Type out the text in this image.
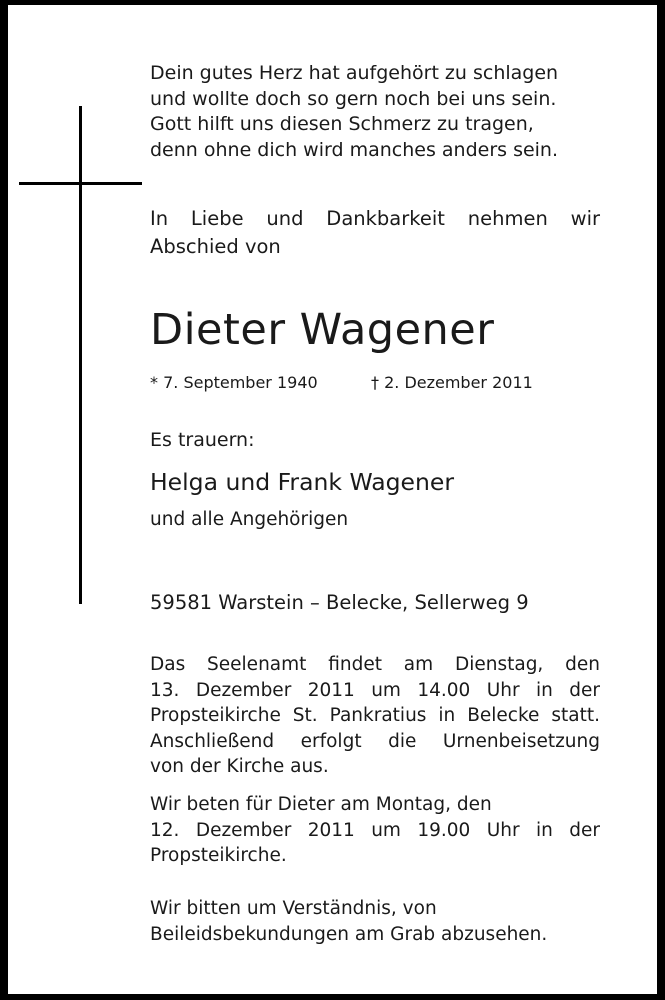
Dein gutes Herz hat aufgehört zu schlagen
und wollte doch so gern noch bei uns sein.
Gott hilft uns diesen Schmerz zu tragen,
denn ohne dich wird manches anders sein.
In Liebe und Dankbarkeit nehmen wir
Abschied von
Dieter Wagener
* 7. September 1940	† 2. Dezember 2011
Es trauern:
Helga und Frank Wagener
und alle Angehörigen
59581 Warstein – Belecke, Sellerweg 9
Das Seelenamt findet am Dienstag, den
13. Dezember 2011 um 14.00 Uhr in der
Propsteikirche St. Pankratius in Belecke statt.
Anschließend erfolgt die Urnenbeisetzung
von der Kirche aus.
Wir beten für Dieter am Montag, den
12. Dezember 2011 um 19.00 Uhr in der
Propsteikirche.
Wir bitten um Verständnis, von
Beileidsbekundungen am Grab abzusehen.
